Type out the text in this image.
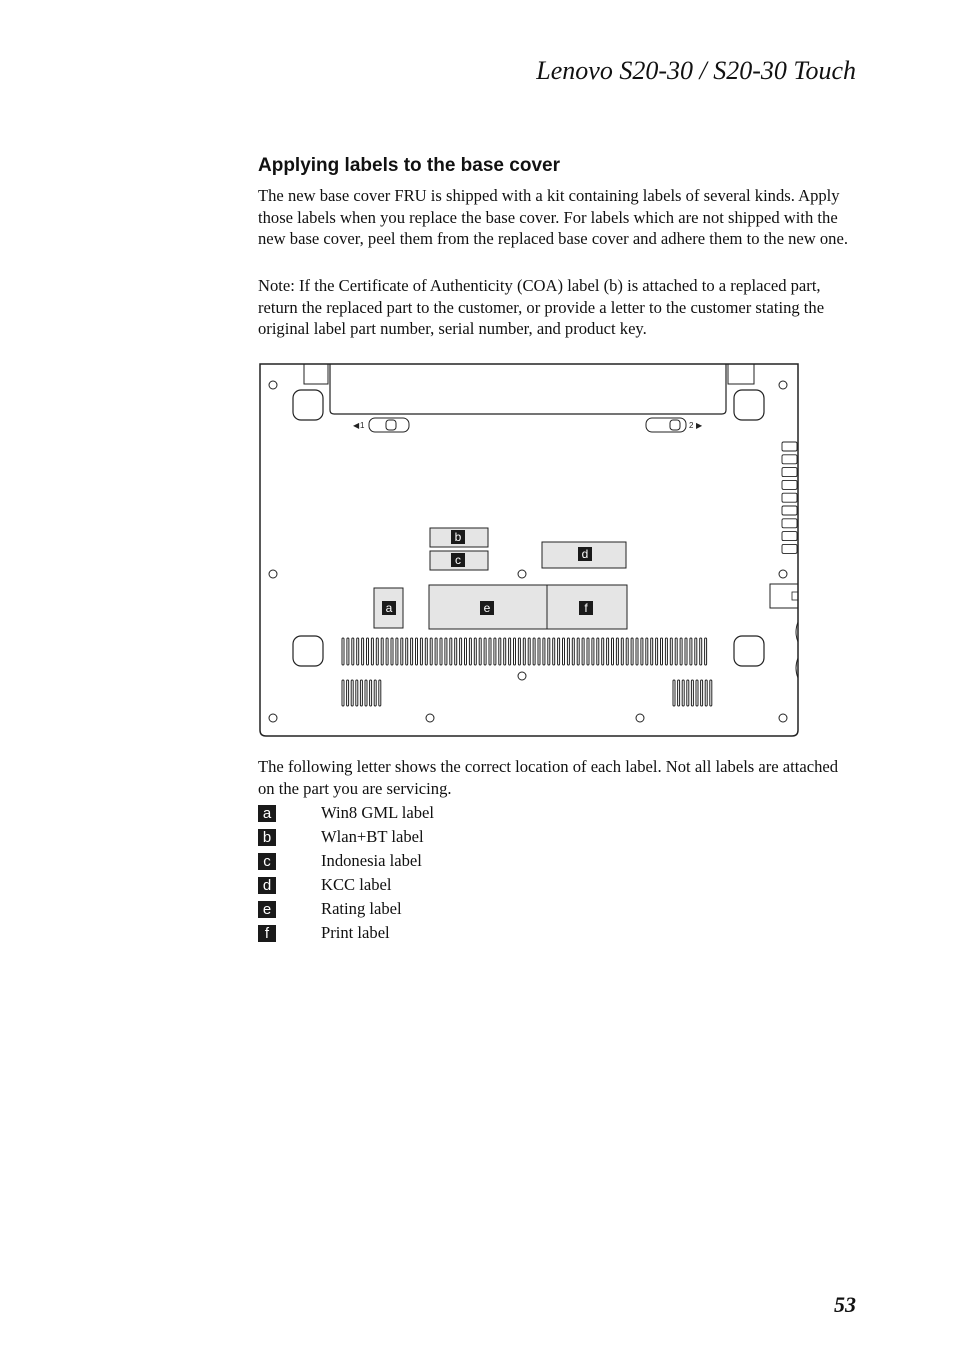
Lenovo S20-30 / S20-30 Touch
Applying labels to the base cover

The new base cover FRU is shipped with a kit containing labels of several kinds. Apply those labels when you replace the base cover. For labels which are not shipped with the new base cover, peel them from the replaced base cover and adhere them to the new one.

Note: If the Certificate of Authenticity (COA) label (b) is attached to a replaced part, return the replaced part to the customer, or provide a letter to the customer stating the original label part number, serial number, and product key.

◀ 1	2 ▶
a
b
c	d
e	f

The following letter shows the correct location of each label. Not all labels are attached on the part you are servicing.

a	Win8 GML label
b	Wlan+BT label
c	Indonesia label
d	KCC label
e	Rating label
f	Print label
53
